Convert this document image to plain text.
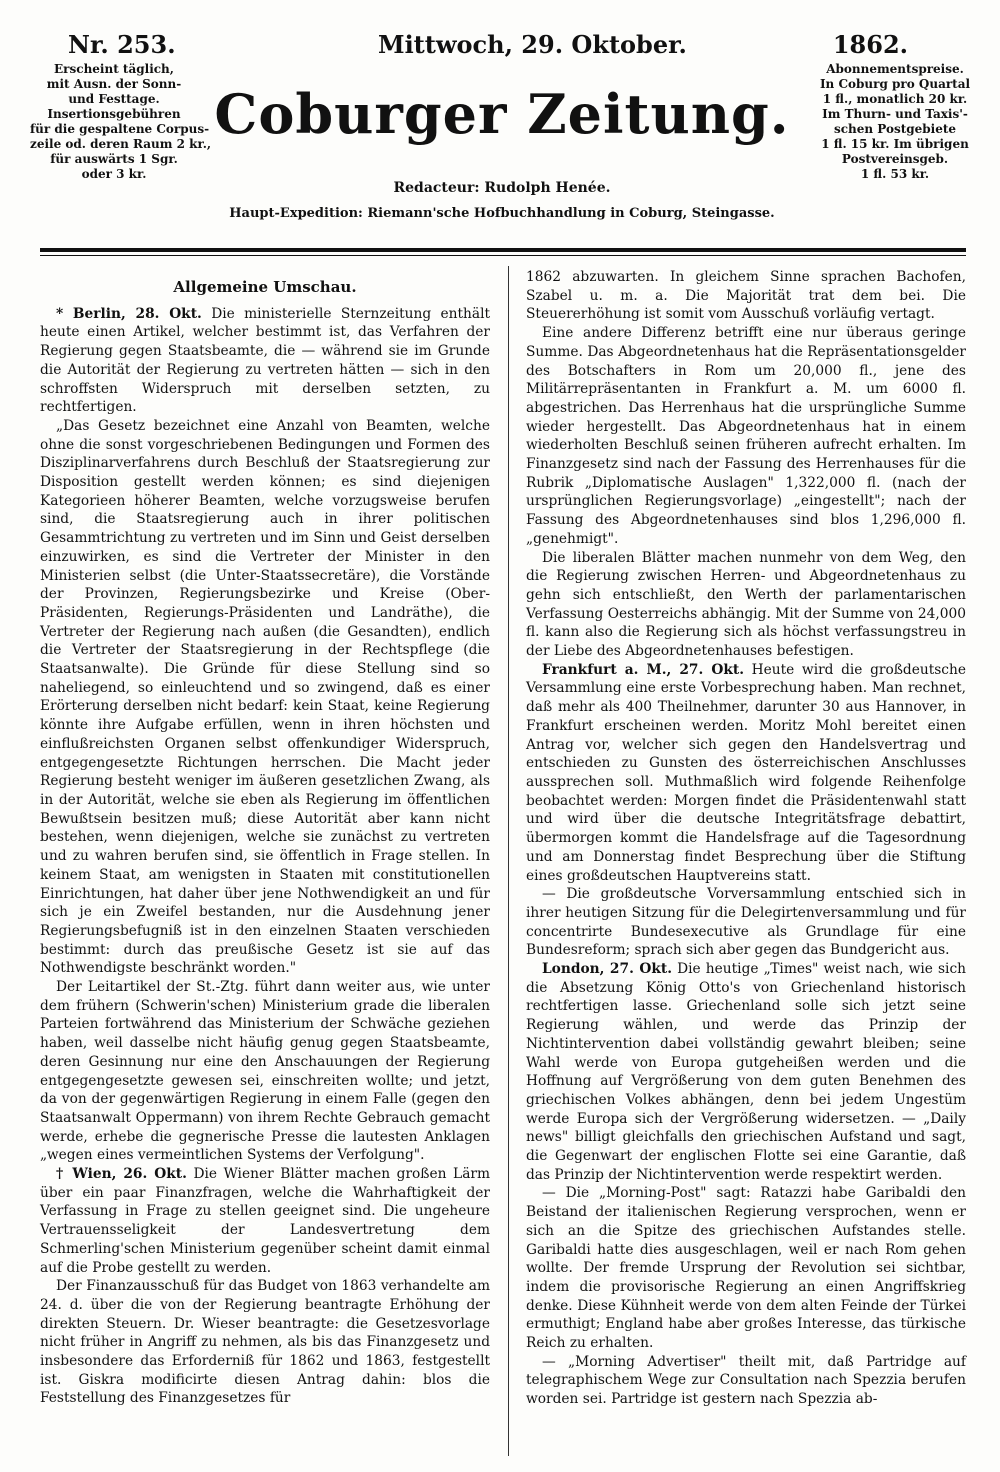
Nr. 253.	Mittwoch, 29. Oktober.	1862.
Erscheint täglich,
mit Ausn. der Sonn-
und Festtage.
Insertionsgebühren
für die gespaltene Corpus-
zeile od. deren Raum 2 kr.,
für auswärts 1 Sgr.
oder 3 kr.
Abonnementspreise.
In Coburg pro Quartal
1 fl., monatlich 20 kr.
Im Thurn- und Taxis'-
schen Postgebiete
1 fl. 15 kr. Im übrigen
Postvereinsgeb.
1 fl. 53 kr.
Coburger Zeitung.
Redacteur: Rudolph Henée.
Haupt-Expedition: Riemann'sche Hofbuchhandlung in Coburg, Steingasse.
Allgemeine Umschau.

* Berlin, 28. Okt. Die ministerielle Sternzeitung enthält heute einen Artikel, welcher bestimmt ist, das Verfahren der Regierung gegen Staatsbeamte, die — während sie im Grunde die Autorität der Regierung zu vertreten hätten — sich in den schroffsten Widerspruch mit derselben setzten, zu rechtfertigen.

„Das Gesetz bezeichnet eine Anzahl von Beamten, welche ohne die sonst vorgeschriebenen Bedingungen und Formen des Disziplinarverfahrens durch Beschluß der Staatsregierung zur Disposition gestellt werden können; es sind diejenigen Kategorieen höherer Beamten, welche vorzugsweise berufen sind, die Staatsregierung auch in ihrer politischen Gesammtrichtung zu vertreten und im Sinn und Geist derselben einzuwirken, es sind die Vertreter der Minister in den Ministerien selbst (die Unter-Staatssecretäre), die Vorstände der Provinzen, Regierungsbezirke und Kreise (Ober-Präsidenten, Regierungs-Präsidenten und Landräthe), die Vertreter der Regierung nach außen (die Gesandten), endlich die Vertreter der Staatsregierung in der Rechtspflege (die Staatsanwalte). Die Gründe für diese Stellung sind so naheliegend, so einleuchtend und so zwingend, daß es einer Erörterung derselben nicht bedarf: kein Staat, keine Regierung könnte ihre Aufgabe erfüllen, wenn in ihren höchsten und einflußreichsten Organen selbst offenkundiger Widerspruch, entgegengesetzte Richtungen herrschen. Die Macht jeder Regierung besteht weniger im äußeren gesetzlichen Zwang, als in der Autorität, welche sie eben als Regierung im öffentlichen Bewußtsein besitzen muß; diese Autorität aber kann nicht bestehen, wenn diejenigen, welche sie zunächst zu vertreten und zu wahren berufen sind, sie öffentlich in Frage stellen. In keinem Staat, am wenigsten in Staaten mit constitutionellen Einrichtungen, hat daher über jene Nothwendigkeit an und für sich je ein Zweifel bestanden, nur die Ausdehnung jener Regierungsbefugniß ist in den einzelnen Staaten verschieden bestimmt: durch das preußische Gesetz ist sie auf das Nothwendigste beschränkt worden."

Der Leitartikel der St.-Ztg. führt dann weiter aus, wie unter dem frühern (Schwerin'schen) Ministerium grade die liberalen Parteien fortwährend das Ministerium der Schwäche geziehen haben, weil dasselbe nicht häufig genug gegen Staatsbeamte, deren Gesinnung nur eine den Anschauungen der Regierung entgegengesetzte gewesen sei, einschreiten wollte; und jetzt, da von der gegenwärtigen Regierung in einem Falle (gegen den Staatsanwalt Oppermann) von ihrem Rechte Gebrauch gemacht werde, erhebe die gegnerische Presse die lautesten Anklagen „wegen eines vermeintlichen Systems der Verfolgung".

† Wien, 26. Okt. Die Wiener Blätter machen großen Lärm über ein paar Finanzfragen, welche die Wahrhaftigkeit der Verfassung in Frage zu stellen geeignet sind. Die ungeheure Vertrauensseligkeit der Landesvertretung dem Schmerling'schen Ministerium gegenüber scheint damit einmal auf die Probe gestellt zu werden.

Der Finanzausschuß für das Budget von 1863 verhandelte am 24. d. über die von der Regierung beantragte Erhöhung der direkten Steuern. Dr. Wieser beantragte: die Gesetzesvorlage nicht früher in Angriff zu nehmen, als bis das Finanzgesetz und insbesondere das Erforderniß für 1862 und 1863, festgestellt ist. Giskra modificirte diesen Antrag dahin: blos die Feststellung des Finanzgesetzes für

1862 abzuwarten. In gleichem Sinne sprachen Bachofen, Szabel u. m. a. Die Majorität trat dem bei. Die Steuererhöhung ist somit vom Ausschuß vorläufig vertagt.

Eine andere Differenz betrifft eine nur überaus geringe Summe. Das Abgeordnetenhaus hat die Repräsentationsgelder des Botschafters in Rom um 20,000 fl., jene des Militärrepräsentanten in Frankfurt a. M. um 6000 fl. abgestrichen. Das Herrenhaus hat die ursprüngliche Summe wieder hergestellt. Das Abgeordnetenhaus hat in einem wiederholten Beschluß seinen früheren aufrecht erhalten. Im Finanzgesetz sind nach der Fassung des Herrenhauses für die Rubrik „Diplomatische Auslagen" 1,322,000 fl. (nach der ursprünglichen Regierungsvorlage) „eingestellt"; nach der Fassung des Abgeordnetenhauses sind blos 1,296,000 fl. „genehmigt".

Die liberalen Blätter machen nunmehr von dem Weg, den die Regierung zwischen Herren- und Abgeordnetenhaus zu gehn sich entschließt, den Werth der parlamentarischen Verfassung Oesterreichs abhängig. Mit der Summe von 24,000 fl. kann also die Regierung sich als höchst verfassungstreu in der Liebe des Abgeordnetenhauses befestigen.

Frankfurt a. M., 27. Okt. Heute wird die großdeutsche Versammlung eine erste Vorbesprechung haben. Man rechnet, daß mehr als 400 Theilnehmer, darunter 30 aus Hannover, in Frankfurt erscheinen werden. Moritz Mohl bereitet einen Antrag vor, welcher sich gegen den Handelsvertrag und entschieden zu Gunsten des österreichischen Anschlusses aussprechen soll. Muthmaßlich wird folgende Reihenfolge beobachtet werden: Morgen findet die Präsidentenwahl statt und wird über die deutsche Integritätsfrage debattirt, übermorgen kommt die Handelsfrage auf die Tagesordnung und am Donnerstag findet Besprechung über die Stiftung eines großdeutschen Hauptvereins statt.

— Die großdeutsche Vorversammlung entschied sich in ihrer heutigen Sitzung für die Delegirtenversammlung und für concentrirte Bundesexecutive als Grundlage für eine Bundesreform; sprach sich aber gegen das Bundgericht aus.

London, 27. Okt. Die heutige „Times" weist nach, wie sich die Absetzung König Otto's von Griechenland historisch rechtfertigen lasse. Griechenland solle sich jetzt seine Regierung wählen, und werde das Prinzip der Nichtintervention dabei vollständig gewahrt bleiben; seine Wahl werde von Europa gutgeheißen werden und die Hoffnung auf Vergrößerung von dem guten Benehmen des griechischen Volkes abhängen, denn bei jedem Ungestüm werde Europa sich der Vergrößerung widersetzen. — „Daily news" billigt gleichfalls den griechischen Aufstand und sagt, die Gegenwart der englischen Flotte sei eine Garantie, daß das Prinzip der Nichtintervention werde respektirt werden.

— Die „Morning-Post" sagt: Ratazzi habe Garibaldi den Beistand der italienischen Regierung versprochen, wenn er sich an die Spitze des griechischen Aufstandes stelle. Garibaldi hatte dies ausgeschlagen, weil er nach Rom gehen wollte. Der fremde Ursprung der Revolution sei sichtbar, indem die provisorische Regierung an einen Angriffskrieg denke. Diese Kühnheit werde von dem alten Feinde der Türkei ermuthigt; England habe aber großes Interesse, das türkische Reich zu erhalten.

— „Morning Advertiser" theilt mit, daß Partridge auf telegraphischem Wege zur Consultation nach Spezzia berufen worden sei. Partridge ist gestern nach Spezzia ab-
